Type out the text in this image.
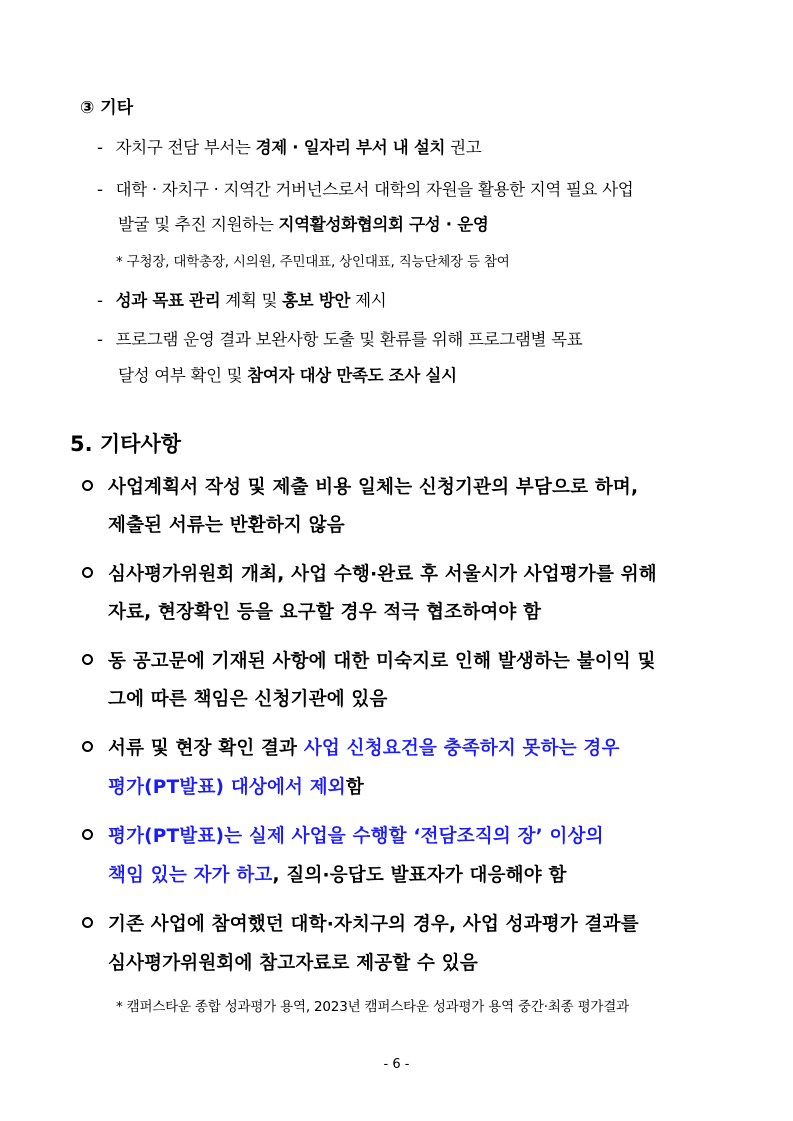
③ 기타
- 자치구 전담 부서는 경제 · 일자리 부서 내 설치 권고
- 대학 · 자치구 · 지역간 거버넌스로서 대학의 자원을 활용한 지역 필요 사업
발굴 및 추진 지원하는 지역활성화협의회 구성 · 운영
* 구청장, 대학총장, 시의원, 주민대표, 상인대표, 직능단체장 등 참여
- 성과 목표 관리 계획 및 홍보 방안 제시
- 프로그램 운영 결과 보완사항 도출 및 환류를 위해 프로그램별 목표
달성 여부 확인 및 참여자 대상 만족도 조사 실시
5. 기타사항
사업계획서 작성 및 제출 비용 일체는 신청기관의 부담으로 하며,
제출된 서류는 반환하지 않음
심사평가위원회 개최, 사업 수행·완료 후 서울시가 사업평가를 위해
자료, 현장확인 등을 요구할 경우 적극 협조하여야 함
동 공고문에 기재된 사항에 대한 미숙지로 인해 발생하는 불이익 및
그에 따른 책임은 신청기관에 있음
서류 및 현장 확인 결과 사업 신청요건을 충족하지 못하는 경우
평가(PT발표) 대상에서 제외함
평가(PT발표)는 실제 사업을 수행할 ‘전담조직의 장’ 이상의
책임 있는 자가 하고, 질의·응답도 발표자가 대응해야 함
기존 사업에 참여했던 대학·자치구의 경우, 사업 성과평가 결과를
심사평가위원회에 참고자료로 제공할 수 있음
* 캠퍼스타운 종합 성과평가 용역, 2023년 캠퍼스타운 성과평가 용역 중간·최종 평가결과
- 6 -
